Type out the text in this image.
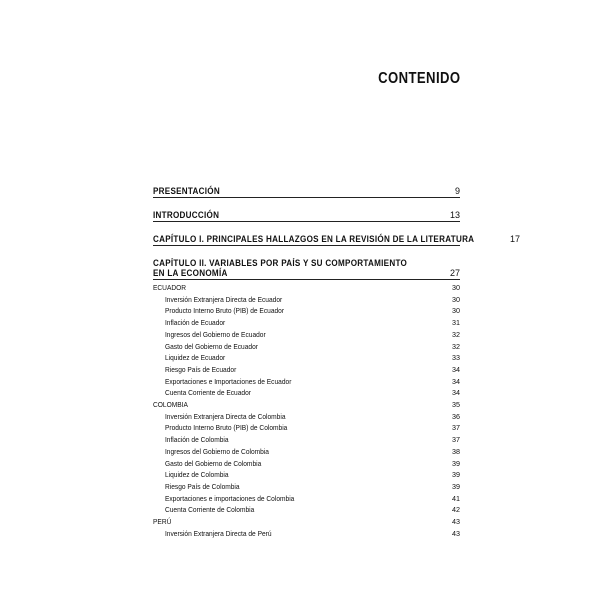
CONTENIDO
PRESENTACIÓN	9
INTRODUCCIÓN	13
CAPÍTULO I. PRINCIPALES HALLAZGOS EN LA REVISIÓN DE LA LITERATURA	17
CAPÍTULO II. VARIABLES POR PAÍS Y SU COMPORTAMIENTO
EN LA ECONOMÍA	27
ECUADOR	30
Inversión Extranjera Directa de Ecuador	30
Producto Interno Bruto (PIB) de Ecuador	30
Inflación de Ecuador	31
Ingresos del Gobierno de Ecuador	32
Gasto del Gobierno de Ecuador	32
Liquidez de Ecuador	33
Riesgo País de Ecuador	34
Exportaciones e Importaciones de Ecuador	34
Cuenta Corriente de Ecuador	34
COLOMBIA	35
Inversión Extranjera Directa de Colombia	36
Producto Interno Bruto (PIB) de Colombia	37
Inflación de Colombia	37
Ingresos del Gobierno de Colombia	38
Gasto del Gobierno de Colombia	39
Liquidez de Colombia	39
Riesgo País de Colombia	39
Exportaciones e importaciones de Colombia	41
Cuenta Corriente de Colombia	42
PERÚ	43
Inversión Extranjera Directa de Perú	43
